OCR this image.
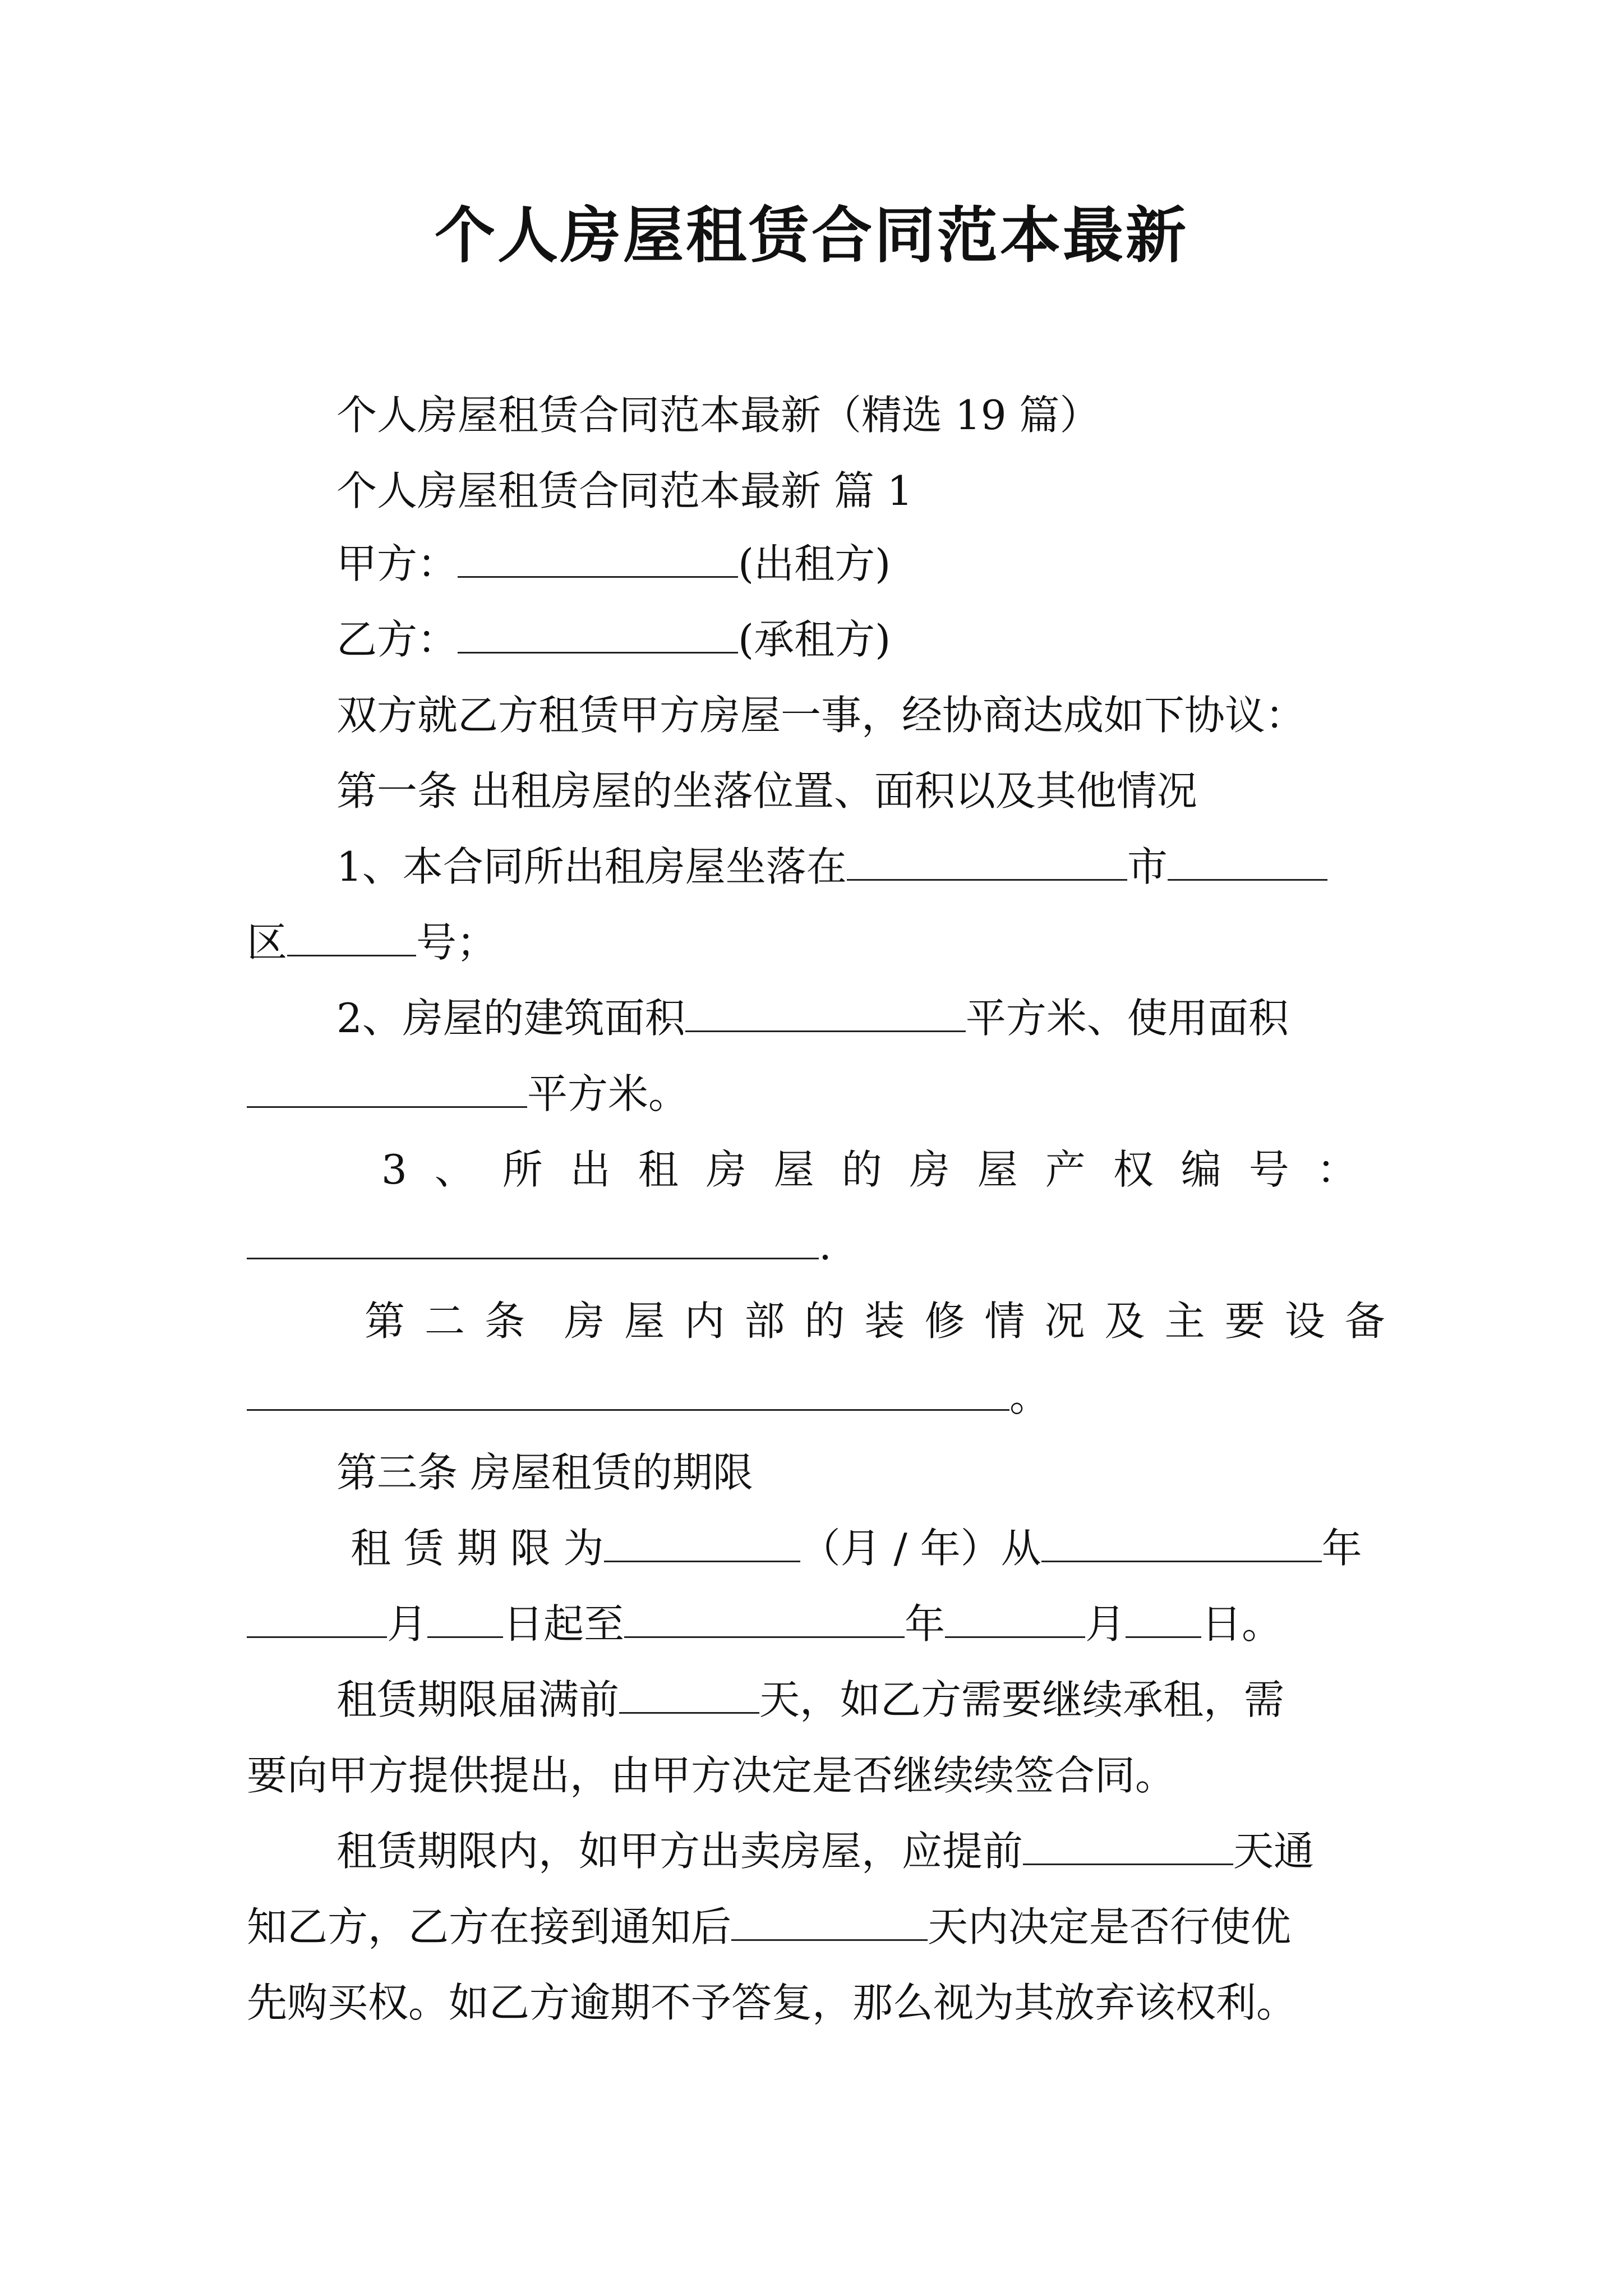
个人房屋租赁合同范本最新
个人房屋租赁合同范本最新（精选 19 篇）
个人房屋租赁合同范本最新 篇 1
甲方：	(出租方)
乙方：	(承租方)
双方就乙方租赁甲方房屋一事，经协商达成如下协议：
第一条 出租房屋的坐落位置、面积以及其他情况
1、本合同所出租房屋坐落在	市
区	号；
2、房屋的建筑面积	平方米、使用面积
平方米。
3 、 所 出 租 房 屋 的 房 屋 产 权 编 号 ：
.
第 二 条 房 屋 内 部 的 装 修 情 况 及 主 要 设 备
。
第三条 房屋租赁的期限
租 赁 期 限 为	（月 / 年）从	年
月 日起至	年	月 日。
租赁期限届满前	天，如乙方需要继续承租，需
要向甲方提供提出，由甲方决定是否继续续签合同。
租赁期限内，如甲方出卖房屋，应提前	天通
知乙方，乙方在接到通知后	天内决定是否行使优
先购买权。如乙方逾期不予答复，那么视为其放弃该权利。
